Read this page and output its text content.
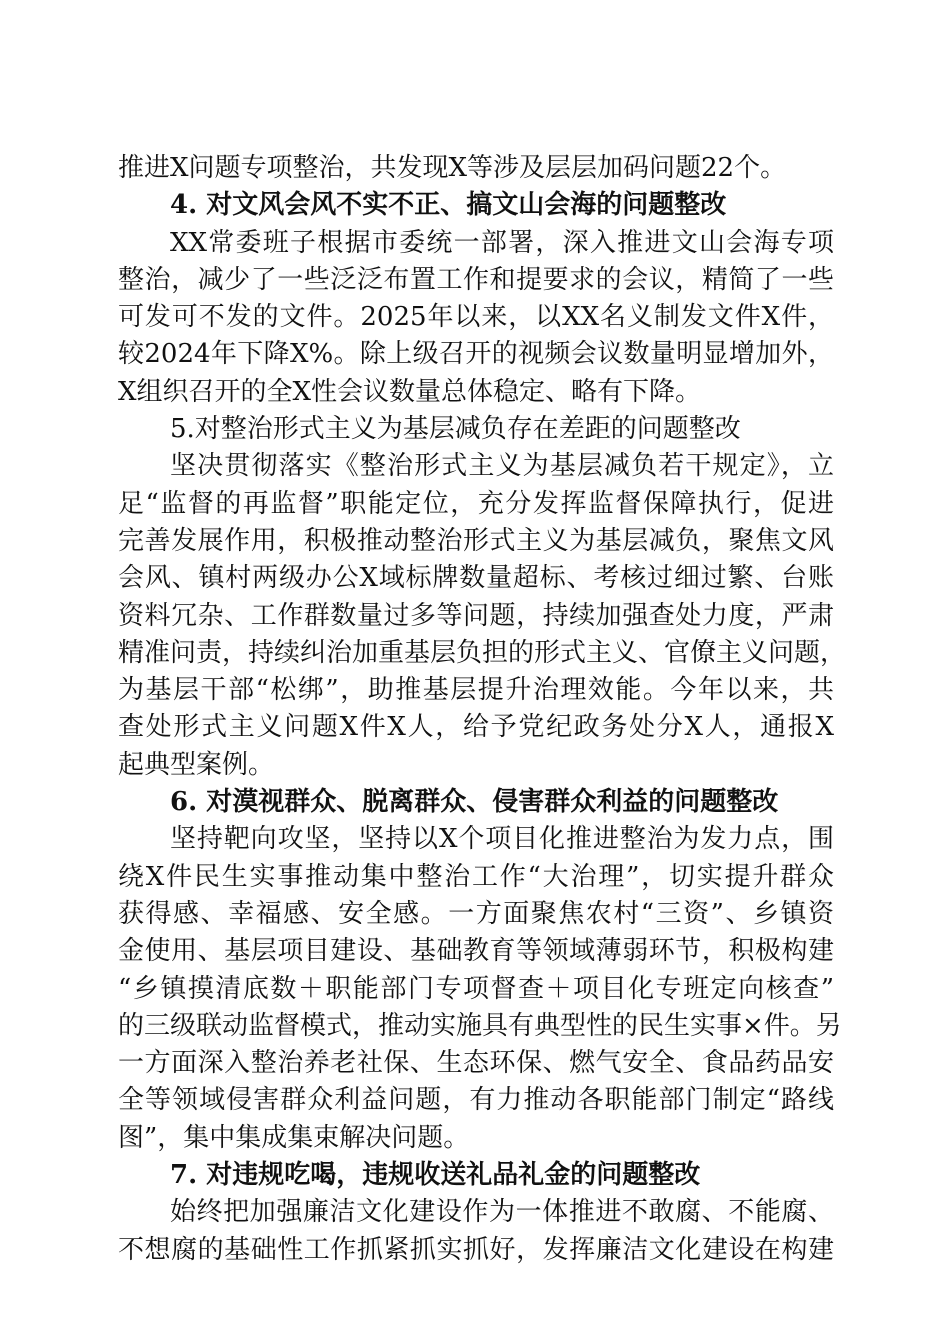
推进X问题专项整治，共发现X等涉及层层加码问题22个。
4. 对文风会风不实不正、搞文山会海的问题整改
XX常委班子根据市委统一部署，深入推进文山会海专项
整治，减少了一些泛泛布置工作和提要求的会议，精简了一些
可发可不发的文件。2025年以来，以XX名义制发文件X件，
较2024年下降X%。除上级召开的视频会议数量明显增加外，
X组织召开的全X性会议数量总体稳定、略有下降。
5.对整治形式主义为基层减负存在差距的问题整改
坚决贯彻落实《整治形式主义为基层减负若干规定》，立
足“监督的再监督”职能定位，充分发挥监督保障执行，促进
完善发展作用，积极推动整治形式主义为基层减负，聚焦文风
会风、镇村两级办公X域标牌数量超标、考核过细过繁、台账
资料冗杂、工作群数量过多等问题，持续加强查处力度，严肃
精准问责，持续纠治加重基层负担的形式主义、官僚主义问题，
为基层干部“松绑”，助推基层提升治理效能。今年以来，共
查处形式主义问题X件X人，给予党纪政务处分X人，通报X
起典型案例。
6. 对漠视群众、脱离群众、侵害群众利益的问题整改
坚持靶向攻坚，坚持以X个项目化推进整治为发力点，围
绕X件民生实事推动集中整治工作“大治理”，切实提升群众
获得感、幸福感、安全感。一方面聚焦农村“三资”、乡镇资
金使用、基层项目建设、基础教育等领域薄弱环节，积极构建
“乡镇摸清底数＋职能部门专项督查＋项目化专班定向核查”
的三级联动监督模式，推动实施具有典型性的民生实事×件。另
一方面深入整治养老社保、生态环保、燃气安全、食品药品安
全等领域侵害群众利益问题，有力推动各职能部门制定“路线
图”，集中集成集束解决问题。
7. 对违规吃喝，违规收送礼品礼金的问题整改
始终把加强廉洁文化建设作为一体推进不敢腐、不能腐、
不想腐的基础性工作抓紧抓实抓好，发挥廉洁文化建设在构建
